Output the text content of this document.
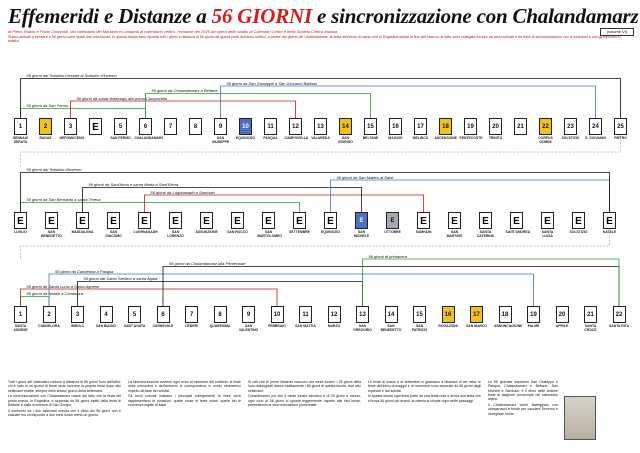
Effemeridi e Distanze a 56 GIORNI e sincronizzazione con Chalandamarz
di Pietro Rabito e Paolo Cimarosti, dal calendario dei Marziani e Lombardi al calendario celtico, revisione del 2025 ad opera dello studio di Calendari Celtici e della Società Celtica Italiana	(volume VI)
Siamo abituati a pensare a 56 giorni come quasi due mesi lunari: in questa tavola sono riportati tutti i giorni a distanza di 56 giorni dai grandi punti dell'anno celtico, a partire dal giorno del Chalandamarz, la festa dell'inizio di marzo che in Engadina saluta la fine dell'inverno; le date sono collegate fra loro da archi colorati e da linee di sincronizzazione con le lunazioni e con gli equinozi e i solstizi.
1
GENNAIO SERATA
2
RADAS
3
NEPOMUCENO
E	5
SAN FERMO
6
CHALANDAMARZ
7	8	9
SAN GIUSEPPE
10
EQUINOZIO
11
PASQUA
12
CAMPOVELLA
13
VALAREDA
14
SAN GIORGIO
15
BELTANE
16
MAGGIO
17
MELINCO
18
ASCENSIONE
19
PENTECOSTE
20
TRINITÀ
21	22
CORPUS DOMINI
23
SOLSTIZIO
24
S. GIOVANNI
25
PIETRO
E
LUGLIO
E
SAN BENEDETTO
E
MADDALENA
E
SAN GIACOMO
E
LUGHNASADH
E
SAN LORENZO
E
ASSUNZIONE
E
SAN ROCCO
E
SAN BARTOLOMEO
E
SETTEMBRE
E
EQUINOZIO
E
SAN MICHELE
E
OTTOBRE
E
SAMHAIN
E
SAN MARTINO
E
SANTA CATERINA
E
SANT'ANDREA
E
SANTA LUCIA
E
SOLSTIZIO
E
NATALE
1
SANTA AGNESE
2
CANDELORA
3
IMBOLC
4
SAN BIAGIO
5
SANT'AGATA
6
CARNEVALE
7
CENERI
8
QUARESIMA
9
SAN VALENTINO
10
FEBBRAIO
11
SAN MATTIA
12
MARZO
13
SAN GREGORIO
14
SAN BENEDETTO
15
SAN PATRIZIO
16
ROGAZIONI
17
SAN MARCO
18
ANNUNCIAZIONE
19
PALME
20
APRILE
21
SANTA CROCE
22
SANTA RITA
56 giorni da San Fermo
56 giorni da santa Walburga alla prima Campovella
56 giorni da Chalandamarz e Beltane
56 giorni da San Giuseppe a San Giovanni Battista
56 giorni dal Solstizio d'estate al Solstizio d'inverno
56 giorni da San Bernardo a santa Teresa
56 giorni da Lughnasadh a Samhain
56 giorni da Sant'Anna e santa Marta a Sant'Elena
56 giorni da San Matteo ai Santi
56 giorni dal Solstizio d'inverno
56 giorni da Natale a Candelora
56 giorni da Santa Lucia a Santa Agnese
56 giorni dal Santo Stefano a santa Agata
56 giorni da Candelora a Pasqua
56 giorni da Chalandamarz alla Pentecoste
56 giorni di primavera

Tutti i giorni del calendario cadono a distanza di 56 giorni l'uno dall'altro: chi è nato in un giorno di festa vede ricorrere la propria festa dopo otto settimane esatte, sempre nello stesso giorno della settimana.

La sincronizzazione con Chalandamarz nasce dal fatto che la festa del primo marzo, in Engadina, è separata da 56 giorni esatti dalla festa di Beltane e dalla ricorrenza di San Giorgio.

Il confronto tra i due calendari mostra che il ritmo dei 56 giorni non è casuale ma corrisponde a due mesi lunari meno un giorno.

La sincronizzazione avviene ogni anno al momento del solstizio: le feste della primavera e dell'autunno si corrispondono in modo simmetrico rispetto all'asse dei solstizi.

Gli archi colorati indicano i principali collegamenti; le linee verdi rappresentano le lunazioni, quelle rosse le feste solari, quelle blu le ricorrenze legate ai santi.

Si noti che le prime distanze nascono dal mese lunare: i 28 giorni della luna raddoppiati danno esattamente i 56 giorni di questa tavola, cioè otto settimane.

Considerando poi che il mese lunare sinodico è di 29 giorni e mezzo, ogni ciclo di 56 giorni si sposta leggermente rispetto alle fasi lunari, permettendo la sincronizzazione pluriennale.

Le feste di marzo e di settembre si guardano a distanza di sei mesi; le feste dell'inizio di maggio e di novembre sono separate da 56 giorni dagli equinozi e dai solstizi.

In questa tavola ogni linea parte da una festa nota e arriva alla festa che si trova 56 giorni più avanti: la catena si chiude dopo sette passaggi.

Le 56 giornate separano San Giuseppe e Pasqua, Chalandamarz e Beltane, San Michele e Samhain: è il ritmo delle antiche feste di stagione conservate nel calendario alpino.

Il Chalandamarz viene festeggiato con campanacci e fruste per cacciare l'inverno e risvegliare l'erba.
